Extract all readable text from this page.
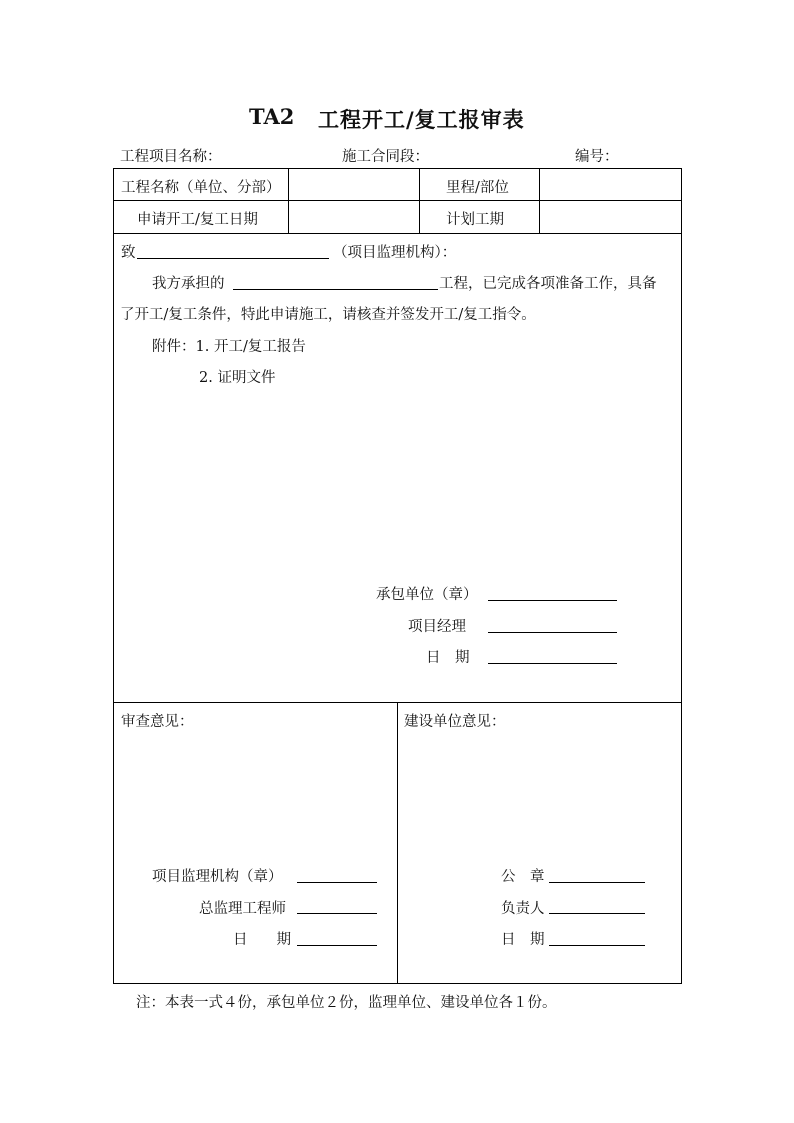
TA2 工程开工/复工报审表
工程项目名称：	施工合同段：	编号：
工程名称（单位、分部）	里程/部位
申请开工/复工日期	计划工期
致	（项目监理机构）：
我方承担的	工程，已完成各项准备工作，具备
了开工/复工条件，特此申请施工，请核查并签发开工/复工指令。
附件：1. 开工/复工报告
2. 证明文件
承包单位（章）
项目经理
日　期
审查意见：
项目监理机构（章）
总监理工程师
日　　期
建设单位意见：
公　章
负责人
日　期
注：本表一式４份，承包单位２份，监理单位、建设单位各１份。
